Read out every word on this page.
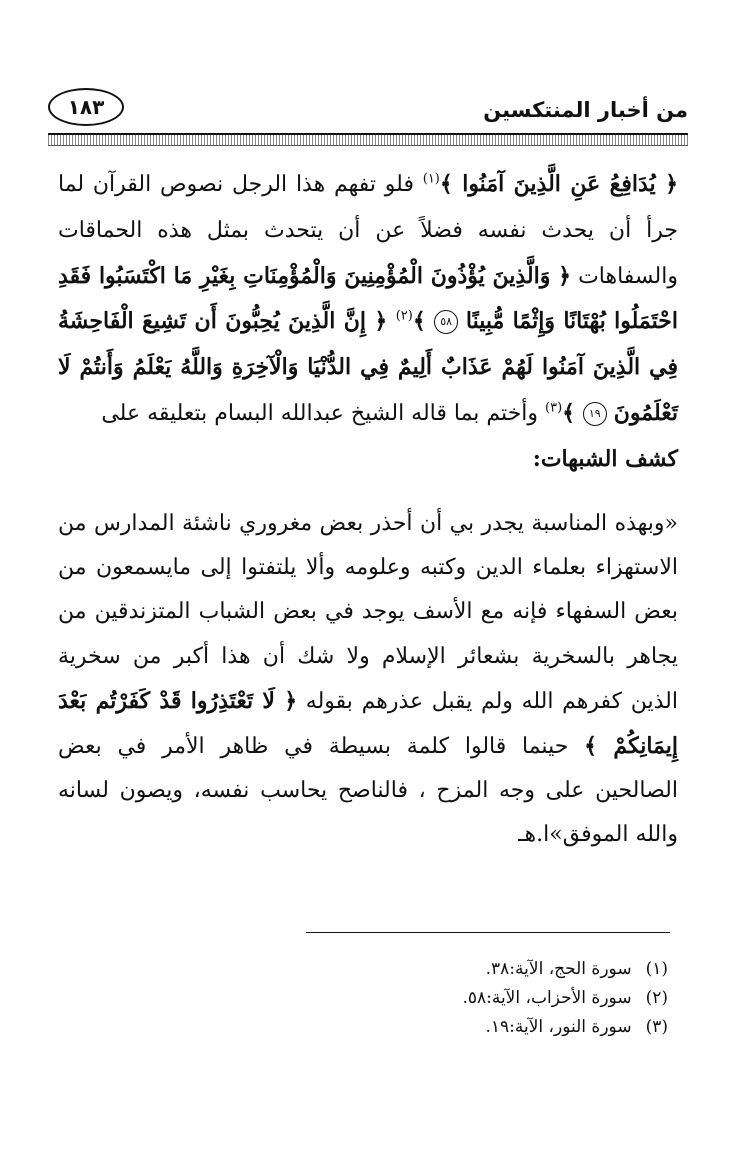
من أخبار المنتكسين
١٨٣
﴿ يُدَافِعُ عَنِ الَّذِينَ آمَنُوا ﴾$^{(١)}$ فلو تفهم هذا الرجل نصوص القرآن لما جرأ أن يحدث نفسه فضلاً عن أن يتحدث بمثل هذه الحماقات والسفاهات ﴿ وَالَّذِينَ يُؤْذُونَ الْمُؤْمِنِينَ وَالْمُؤْمِنَاتِ بِغَيْرِ مَا اكْتَسَبُوا فَقَدِ احْتَمَلُوا بُهْتَانًا وَإِثْمًا مُّبِينًا ٥٨ ﴾$^{(٢)}$ ﴿ إِنَّ الَّذِينَ يُحِبُّونَ أَن تَشِيعَ الْفَاحِشَةُ فِي الَّذِينَ آمَنُوا لَهُمْ عَذَابٌ أَلِيمٌ فِي الدُّنْيَا وَالْآخِرَةِ وَاللَّهُ يَعْلَمُ وَأَنتُمْ لَا تَعْلَمُونَ ١٩ ﴾$^{(٣)}$ وأختم بما قاله الشيخ عبدالله البسام بتعليقه على
كشف الشبهات:
«وبهذه المناسبة يجدر بي أن أحذر بعض مغروري ناشئة المدارس من الاستهزاء بعلماء الدين وكتبه وعلومه وألا يلتفتوا إلى مايسمعون من بعض السفهاء فإنه مع الأسف يوجد في بعض الشباب المتزندقين من يجاهر بالسخرية بشعائر الإسلام ولا شك أن هذا أكبر من سخرية الذين كفرهم الله ولم يقبل عذرهم بقوله ﴿ لَا تَعْتَذِرُوا قَدْ كَفَرْتُم بَعْدَ إِيمَانِكُمْ ﴾ حينما قالوا كلمة بسيطة في ظاهر الأمر في بعض الصالحين على وجه المزح ، فالناصح يحاسب نفسه، ويصون لسانه والله الموفق»ا.هـ
(١)
سورة الحج، الآية:٣٨.
(٢)
سورة الأحزاب، الآية:٥٨.
(٣)
سورة النور، الآية:١٩.
